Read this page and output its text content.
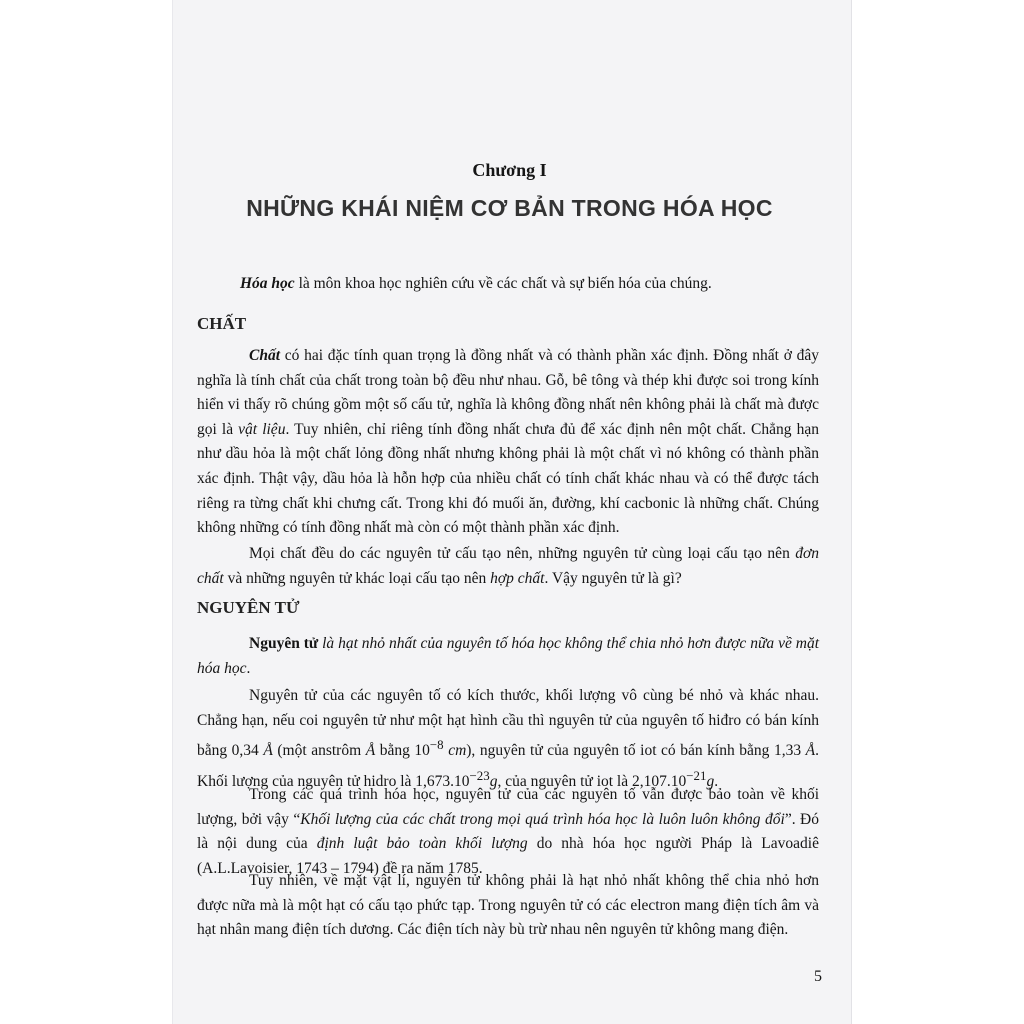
Chương I

NHỮNG KHÁI NIỆM CƠ BẢN TRONG HÓA HỌC

Hóa học là môn khoa học nghiên cứu về các chất và sự biến hóa của chúng.

CHẤT

Chất có hai đặc tính quan trọng là đồng nhất và có thành phần xác định. Đồng nhất ở đây nghĩa là tính chất của chất trong toàn bộ đều như nhau. Gỗ, bê tông và thép khi được soi trong kính hiển vi thấy rõ chúng gồm một số cấu tử, nghĩa là không đồng nhất nên không phải là chất mà được gọi là vật liệu. Tuy nhiên, chỉ riêng tính đồng nhất chưa đủ để xác định nên một chất. Chẳng hạn như dầu hỏa là một chất lỏng đồng nhất nhưng không phải là một chất vì nó không có thành phần xác định. Thật vậy, dầu hỏa là hỗn hợp của nhiều chất có tính chất khác nhau và có thể được tách riêng ra từng chất khi chưng cất. Trong khi đó muối ăn, đường, khí cacbonic là những chất. Chúng không những có tính đồng nhất mà còn có một thành phần xác định.

Mọi chất đều do các nguyên tử cấu tạo nên, những nguyên tử cùng loại cấu tạo nên đơn chất và những nguyên tử khác loại cấu tạo nên hợp chất. Vậy nguyên tử là gì?

NGUYÊN TỬ

Nguyên tử là hạt nhỏ nhất của nguyên tố hóa học không thể chia nhỏ hơn được nữa về mặt hóa học.

Nguyên tử của các nguyên tố có kích thước, khối lượng vô cùng bé nhỏ và khác nhau. Chẳng hạn, nếu coi nguyên tử như một hạt hình cầu thì nguyên tử của nguyên tố hiđro có bán kính bằng 0,34 Å (một anstrôm Å bằng $10^{-8}$ cm), nguyên tử của nguyên tố iot có bán kính bằng 1,33 Å. Khối lượng của nguyên tử hidro là $1,673.10^{-23}g$, của nguyên tử iot là $2,107.10^{-21}g$.

Trong các quá trình hóa học, nguyên tử của các nguyên tố vẫn được bảo toàn về khối lượng, bởi vậy “Khối lượng của các chất trong mọi quá trình hóa học là luôn luôn không đổi”. Đó là nội dung của định luật bảo toàn khối lượng do nhà hóa học người Pháp là Lavoadiê (A.L.Lavoisier, 1743 – 1794) đề ra năm 1785.

Tuy nhiên, về mặt vật lí, nguyên tử không phải là hạt nhỏ nhất không thể chia nhỏ hơn được nữa mà là một hạt có cấu tạo phức tạp. Trong nguyên tử có các electron mang điện tích âm và hạt nhân mang điện tích dương. Các điện tích này bù trừ nhau nên nguyên tử không mang điện.

5
